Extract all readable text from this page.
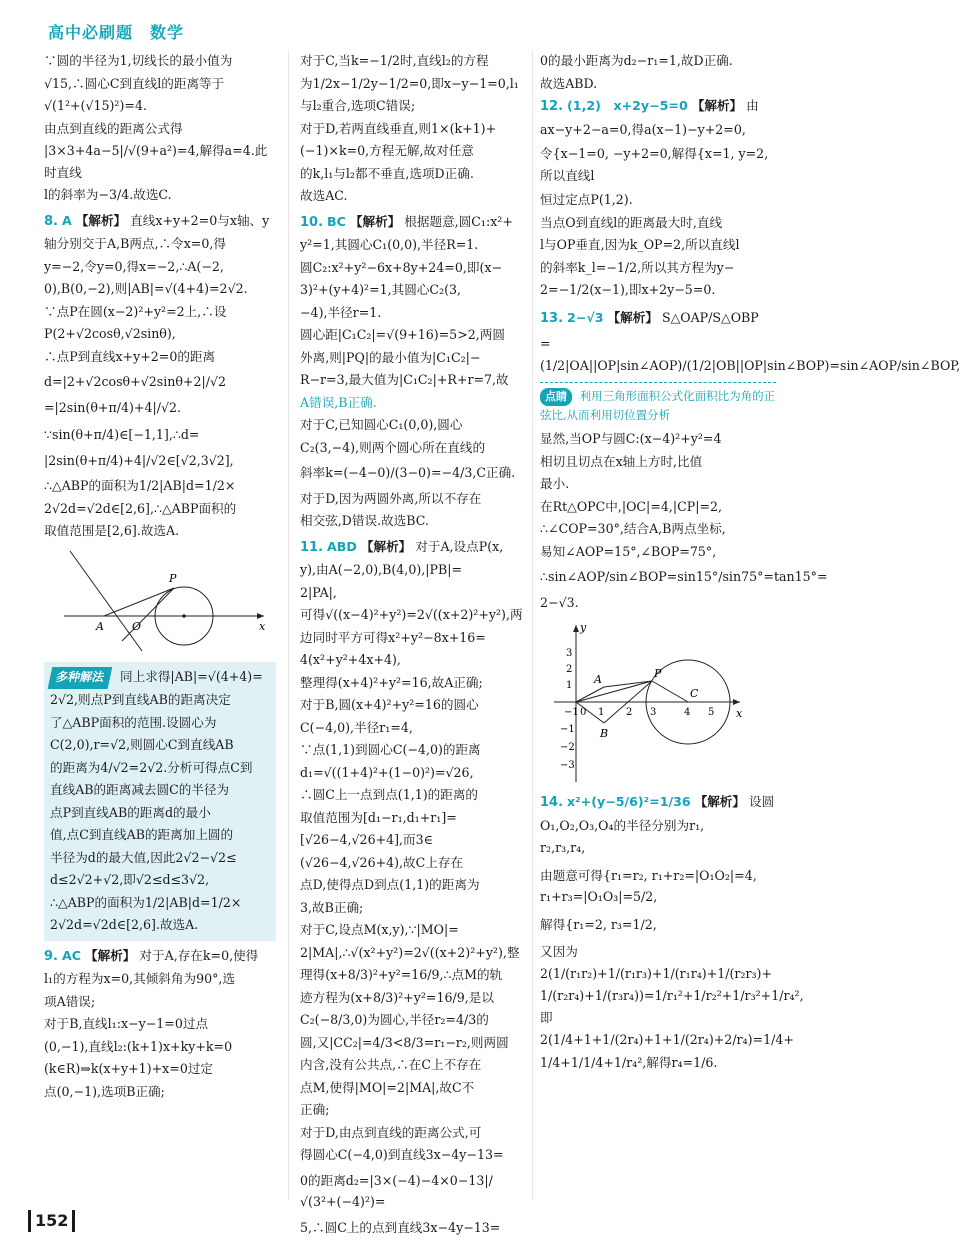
高中必刷题　数学

∵圆的半径为1,切线长的最小值为

√15,∴圆心C到直线l的距离等于

√(1²+(√15)²)=4.

由点到直线的距离公式得

|3×3+4a−5|/√(9+a²)=4,解得a=4.此时直线

l的斜率为−3/4.故选C.

8. A 【解析】 直线x+y+2=0与x轴、y

轴分别交于A,B两点,∴令x=0,得

y=−2,令y=0,得x=−2,∴A(−2,

0),B(0,−2),则|AB|=√(4+4)=2√2.

∵点P在圆(x−2)²+y²=2上,∴设

P(2+√2cosθ,√2sinθ),

∴点P到直线x+y+2=0的距离

d=|2+√2cosθ+√2sinθ+2|/√2

=|2sin(θ+π/4)+4|/√2.

∵sin(θ+π/4)∈[−1,1],∴d=

|2sin(θ+π/4)+4|/√2∈[√2,3√2],

∴△ABP的面积为1/2|AB|d=1/2×

2√2d=√2d∈[2,6],∴△ABP面积的

取值范围是[2,6].故选A.

P
A	O	x

多种解法 同上求得|AB|=√(4+4)=

2√2,则点P到直线AB的距离决定

了△ABP面积的范围.设圆心为

C(2,0),r=√2,则圆心C到直线AB

的距离为4/√2=2√2.分析可得点C到

直线AB的距离减去圆C的半径为

点P到直线AB的距离d的最小

值,点C到直线AB的距离加上圆的

半径为d的最大值,因此2√2−√2≤

d≤2√2+√2,即√2≤d≤3√2,

∴△ABP的面积为1/2|AB|d=1/2×

2√2d=√2d∈[2,6].故选A.

9. AC 【解析】 对于A,存在k=0,使得

l₁的方程为x=0,其倾斜角为90°,选

项A错误;

对于B,直线l₁:x−y−1=0过点

(0,−1),直线l₂:(k+1)x+ky+k=0

(k∈R)⇒k(x+y+1)+x=0过定

点(0,−1),选项B正确;

对于C,当k=−1/2时,直线l₂的方程

为1/2x−1/2y−1/2=0,即x−y−1=0,l₁

与l₂重合,选项C错误;

对于D,若两直线垂直,则1×(k+1)+

(−1)×k=0,方程无解,故对任意

的k,l₁与l₂都不垂直,选项D正确.

故选AC.

10. BC 【解析】 根据题意,圆C₁:x²+

y²=1,其圆心C₁(0,0),半径R=1.

圆C₂:x²+y²−6x+8y+24=0,即(x−

3)²+(y+4)²=1,其圆心C₂(3,

−4),半径r=1.

圆心距|C₁C₂|=√(9+16)=5>2,两圆

外离,则|PQ|的最小值为|C₁C₂|−

R−r=3,最大值为|C₁C₂|+R+r=7,故

A错误,B正确.

对于C,已知圆心C₁(0,0),圆心

C₂(3,−4),则两个圆心所在直线的

斜率k=(−4−0)/(3−0)=−4/3,C正确.

对于D,因为两圆外离,所以不存在

相交弦,D错误.故选BC.

11. ABD 【解析】 对于A,设点P(x,

y),由A(−2,0),B(4,0),|PB|=

2|PA|,

可得√((x−4)²+y²)=2√((x+2)²+y²),两

边同时平方可得x²+y²−8x+16=

4(x²+y²+4x+4),

整理得(x+4)²+y²=16,故A正确;

对于B,圆(x+4)²+y²=16的圆心

C(−4,0),半径r₁=4,

∵点(1,1)到圆心C(−4,0)的距离

d₁=√((1+4)²+(1−0)²)=√26,

∴圆C上一点到点(1,1)的距离的

取值范围为[d₁−r₁,d₁+r₁]=

[√26−4,√26+4],而3∈

(√26−4,√26+4),故C上存在

点D,使得点D到点(1,1)的距离为

3,故B正确;

对于C,设点M(x,y),∵|MO|=

2|MA|,∴√(x²+y²)=2√((x+2)²+y²),整

理得(x+8/3)²+y²=16/9,∴点M的轨

迹方程为(x+8/3)²+y²=16/9,是以

C₂(−8/3,0)为圆心,半径r₂=4/3的

圆,又|CC₂|=4/3<8/3=r₁−r₂,则两圆

内含,没有公共点,∴在C上不存在

点M,使得|MO|=2|MA|,故C不

正确;

对于D,由点到直线的距离公式,可

得圆心C(−4,0)到直线3x−4y−13=

0的距离d₂=|3×(−4)−4×0−13|/√(3²+(−4)²)=

5,∴圆C上的点到直线3x−4y−13=

0的最小距离为d₂−r₁=1,故D正确.

故选ABD.

12. (1,2)　x+2y−5=0 【解析】 由

ax−y+2−a=0,得a(x−1)−y+2=0,

令{x−1=0, −y+2=0,解得{x=1, y=2,所以直线l

恒过定点P(1,2).

当点O到直线l的距离最大时,直线

l与OP垂直,因为k_OP=2,所以直线l

的斜率k_l=−1/2,所以其方程为y−

2=−1/2(x−1),即x+2y−5=0.

13. 2−√3 【解析】 S△OAP/S△OBP

=(1/2|OA||OP|sin∠AOP)/(1/2|OB||OP|sin∠BOP)=sin∠AOP/sin∠BOP,

点睛 利用三角形面积公式化面积比为角的正弦比,从而利用切位置分析

显然,当OP与圆C:(x−4)²+y²=4

相切且切点在x轴上方时,比值

最小.

在Rt△OPC中,|OC|=4,|CP|=2,

∴∠COP=30°,结合A,B两点坐标,

易知∠AOP=15°,∠BOP=75°,

∴sin∠AOP/sin∠BOP=sin15°/sin75°=tan15°=

2−√3.

P
A
B
C
y
x
−1 0 1 2 3	4 5
3
2
1
−1
−2
−3

14. x²+(y−5/6)²=1/36 【解析】 设圆

O₁,O₂,O₃,O₄的半径分别为r₁,

r₂,r₃,r₄,

由题意可得{r₁=r₂, r₁+r₂=|O₁O₂|=4, r₁+r₃=|O₁O₃|=5/2,

解得{r₁=2, r₃=1/2,

又因为2(1/(r₁r₂)+1/(r₁r₃)+1/(r₁r₄)+1/(r₂r₃)+

1/(r₂r₄)+1/(r₃r₄))=1/r₁²+1/r₂²+1/r₃²+1/r₄²,即

2(1/4+1+1/(2r₄)+1+1/(2r₄)+2/r₄)=1/4+

1/4+1/1/4+1/r₄²,解得r₄=1/6.

152
